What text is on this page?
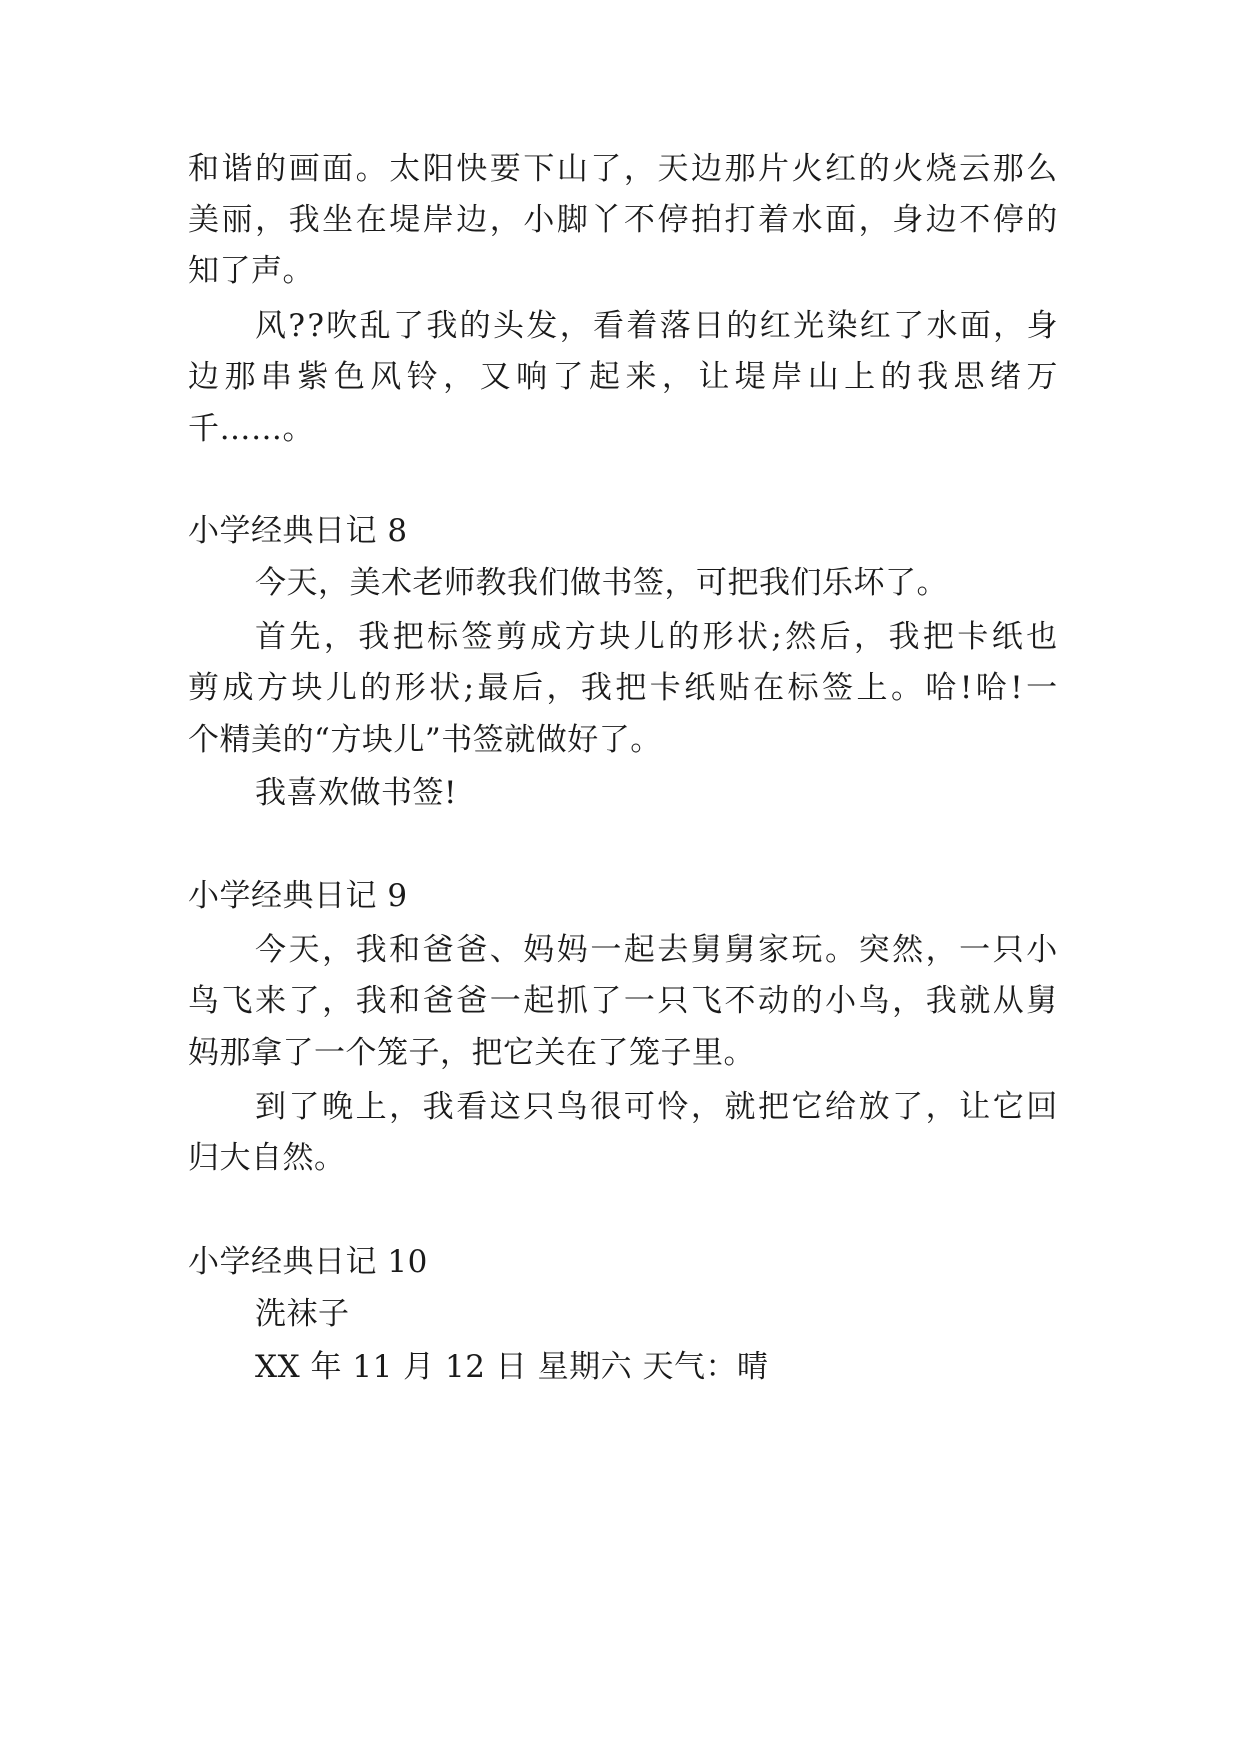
和 谐 的 画 面 。 太 阳 快 要 下 山 了 ， 天 边 那 片 火 红 的 火 烧 云 那 么
美 丽 ， 我 坐 在 堤 岸 边 ， 小 脚 丫 不 停 拍 打 着 水 面 ， 身 边 不 停 的
知了声。
风 ? ? 吹 乱 了 我 的 头 发 ， 看 着 落 日 的 红 光 染 红 了 水 面 ， 身
边 那 串 紫 色 风 铃 ， 又 响 了 起 来 ， 让 堤 岸 山 上 的 我 思 绪 万
千……。
小学经典日记 8
今天，美术老师教我们做书签，可把我们乐坏了。
首 先 ， 我 把 标 签 剪 成 方 块 儿 的 形 状 ; 然 后 ， 我 把 卡 纸 也
剪 成 方 块 儿 的 形 状 ; 最 后 ， 我 把 卡 纸 贴 在 标 签 上 。 哈 ! 哈 ! 一
个精美的“方块儿”书签就做好了。
我喜欢做书签!
小学经典日记 9
今 天 ， 我 和 爸 爸 、 妈 妈 一 起 去 舅 舅 家 玩 。 突 然 ， 一 只 小
鸟 飞 来 了 ， 我 和 爸 爸 一 起 抓 了 一 只 飞 不 动 的 小 鸟 ， 我 就 从 舅
妈那拿了一个笼子，把它关在了笼子里。
到 了 晚 上 ， 我 看 这 只 鸟 很 可 怜 ， 就 把 它 给 放 了 ， 让 它 回
归大自然。
小学经典日记 10
洗袜子
XX 年 11 月 12 日 星期六 天气：晴
